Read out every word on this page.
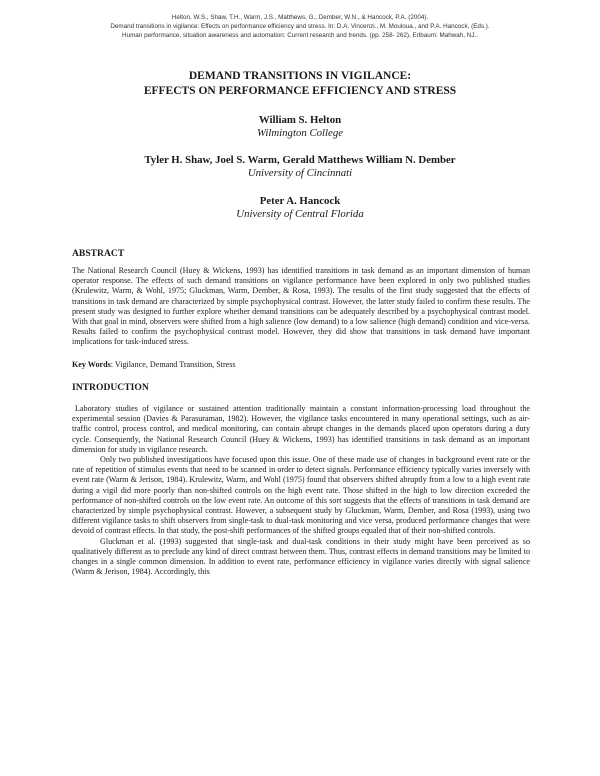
Helton, W.S., Shaw, T.H., Warm, J.S., Matthews, G., Dember, W.N., & Hancock, P.A. (2004).
Demand transitions in vigilance: Effects on performance efficiency and stress. In: D.A. Vincenzi., M. Mouloua., and P.A. Hancock, (Eds.).
Human performance, situation awareness and automation: Current research and trends. (pp. 258- 262), Erlbaum: Mahwah, NJ..
DEMAND TRANSITIONS IN VIGILANCE:
EFFECTS ON PERFORMANCE EFFICIENCY AND STRESS
William S. Helton
Wilmington College
Tyler H. Shaw, Joel S. Warm, Gerald Matthews William N. Dember
University of Cincinnati
Peter A. Hancock
University of Central Florida
ABSTRACT

The National Research Council (Huey & Wickens, 1993) has identified transitions in task demand as an important dimension of human operator response. The effects of such demand transitions on vigilance performance have been explored in only two published studies (Krulewitz, Warm, & Wohl, 1975; Gluckman, Warm, Dember, & Rosa, 1993). The results of the first study suggested that the effects of transitions in task demand are characterized by simple psychophysical contrast. However, the latter study failed to confirm these results. The present study was designed to further explore whether demand transitions can be adequately described by a psychophysical contrast model. With that goal in mind, observers were shifted from a high salience (low demand) to a low salience (high demand) condition and vice-versa. Results failed to confirm the psychophysical contrast model. However, they did show that transitions in task demand have important implications for task-induced stress.

Key Words: Vigilance, Demand Transition, Stress
INTRODUCTION

Laboratory studies of vigilance or sustained attention traditionally maintain a constant information-processing load throughout the experimental session (Davies & Parasuraman, 1982). However, the vigilance tasks encountered in many operational settings, such as air-traffic control, process control, and medical monitoring, can contain abrupt changes in the demands placed upon operators during a duty cycle. Consequently, the National Research Council (Huey & Wickens, 1993) has identified transitions in task demand as an important dimension for study in vigilance research.

Only two published investigations have focused upon this issue. One of these made use of changes in background event rate or the rate of repetition of stimulus events that need to be scanned in order to detect signals. Performance efficiency typically varies inversely with event rate (Warm & Jerison, 1984). Krulewitz, Warm, and Wohl (1975) found that observers shifted abruptly from a low to a high event rate during a vigil did more poorly than non-shifted controls on the high event rate. Those shifted in the high to low direction exceeded the performance of non-shifted controls on the low event rate. An outcome of this sort suggests that the effects of transitions in task demand are characterized by simple psychophysical contrast. However, a subsequent study by Gluckman, Warm, Dember, and Rosa (1993), using two different vigilance tasks to shift observers from single-task to dual-task monitoring and vice versa, produced performance changes that were devoid of contrast effects. In that study, the post-shift performances of the shifted groups equaled that of their non-shifted controls.

Gluckman et al. (1993) suggested that single-task and dual-task conditions in their study might have been perceived as so qualitatively different as to preclude any kind of direct contrast between them. Thus, contrast effects in demand transitions may be limited to changes in a single common dimension. In addition to event rate, performance efficiency in vigilance varies directly with signal salience (Warm & Jerison, 1984). Accordingly, this
